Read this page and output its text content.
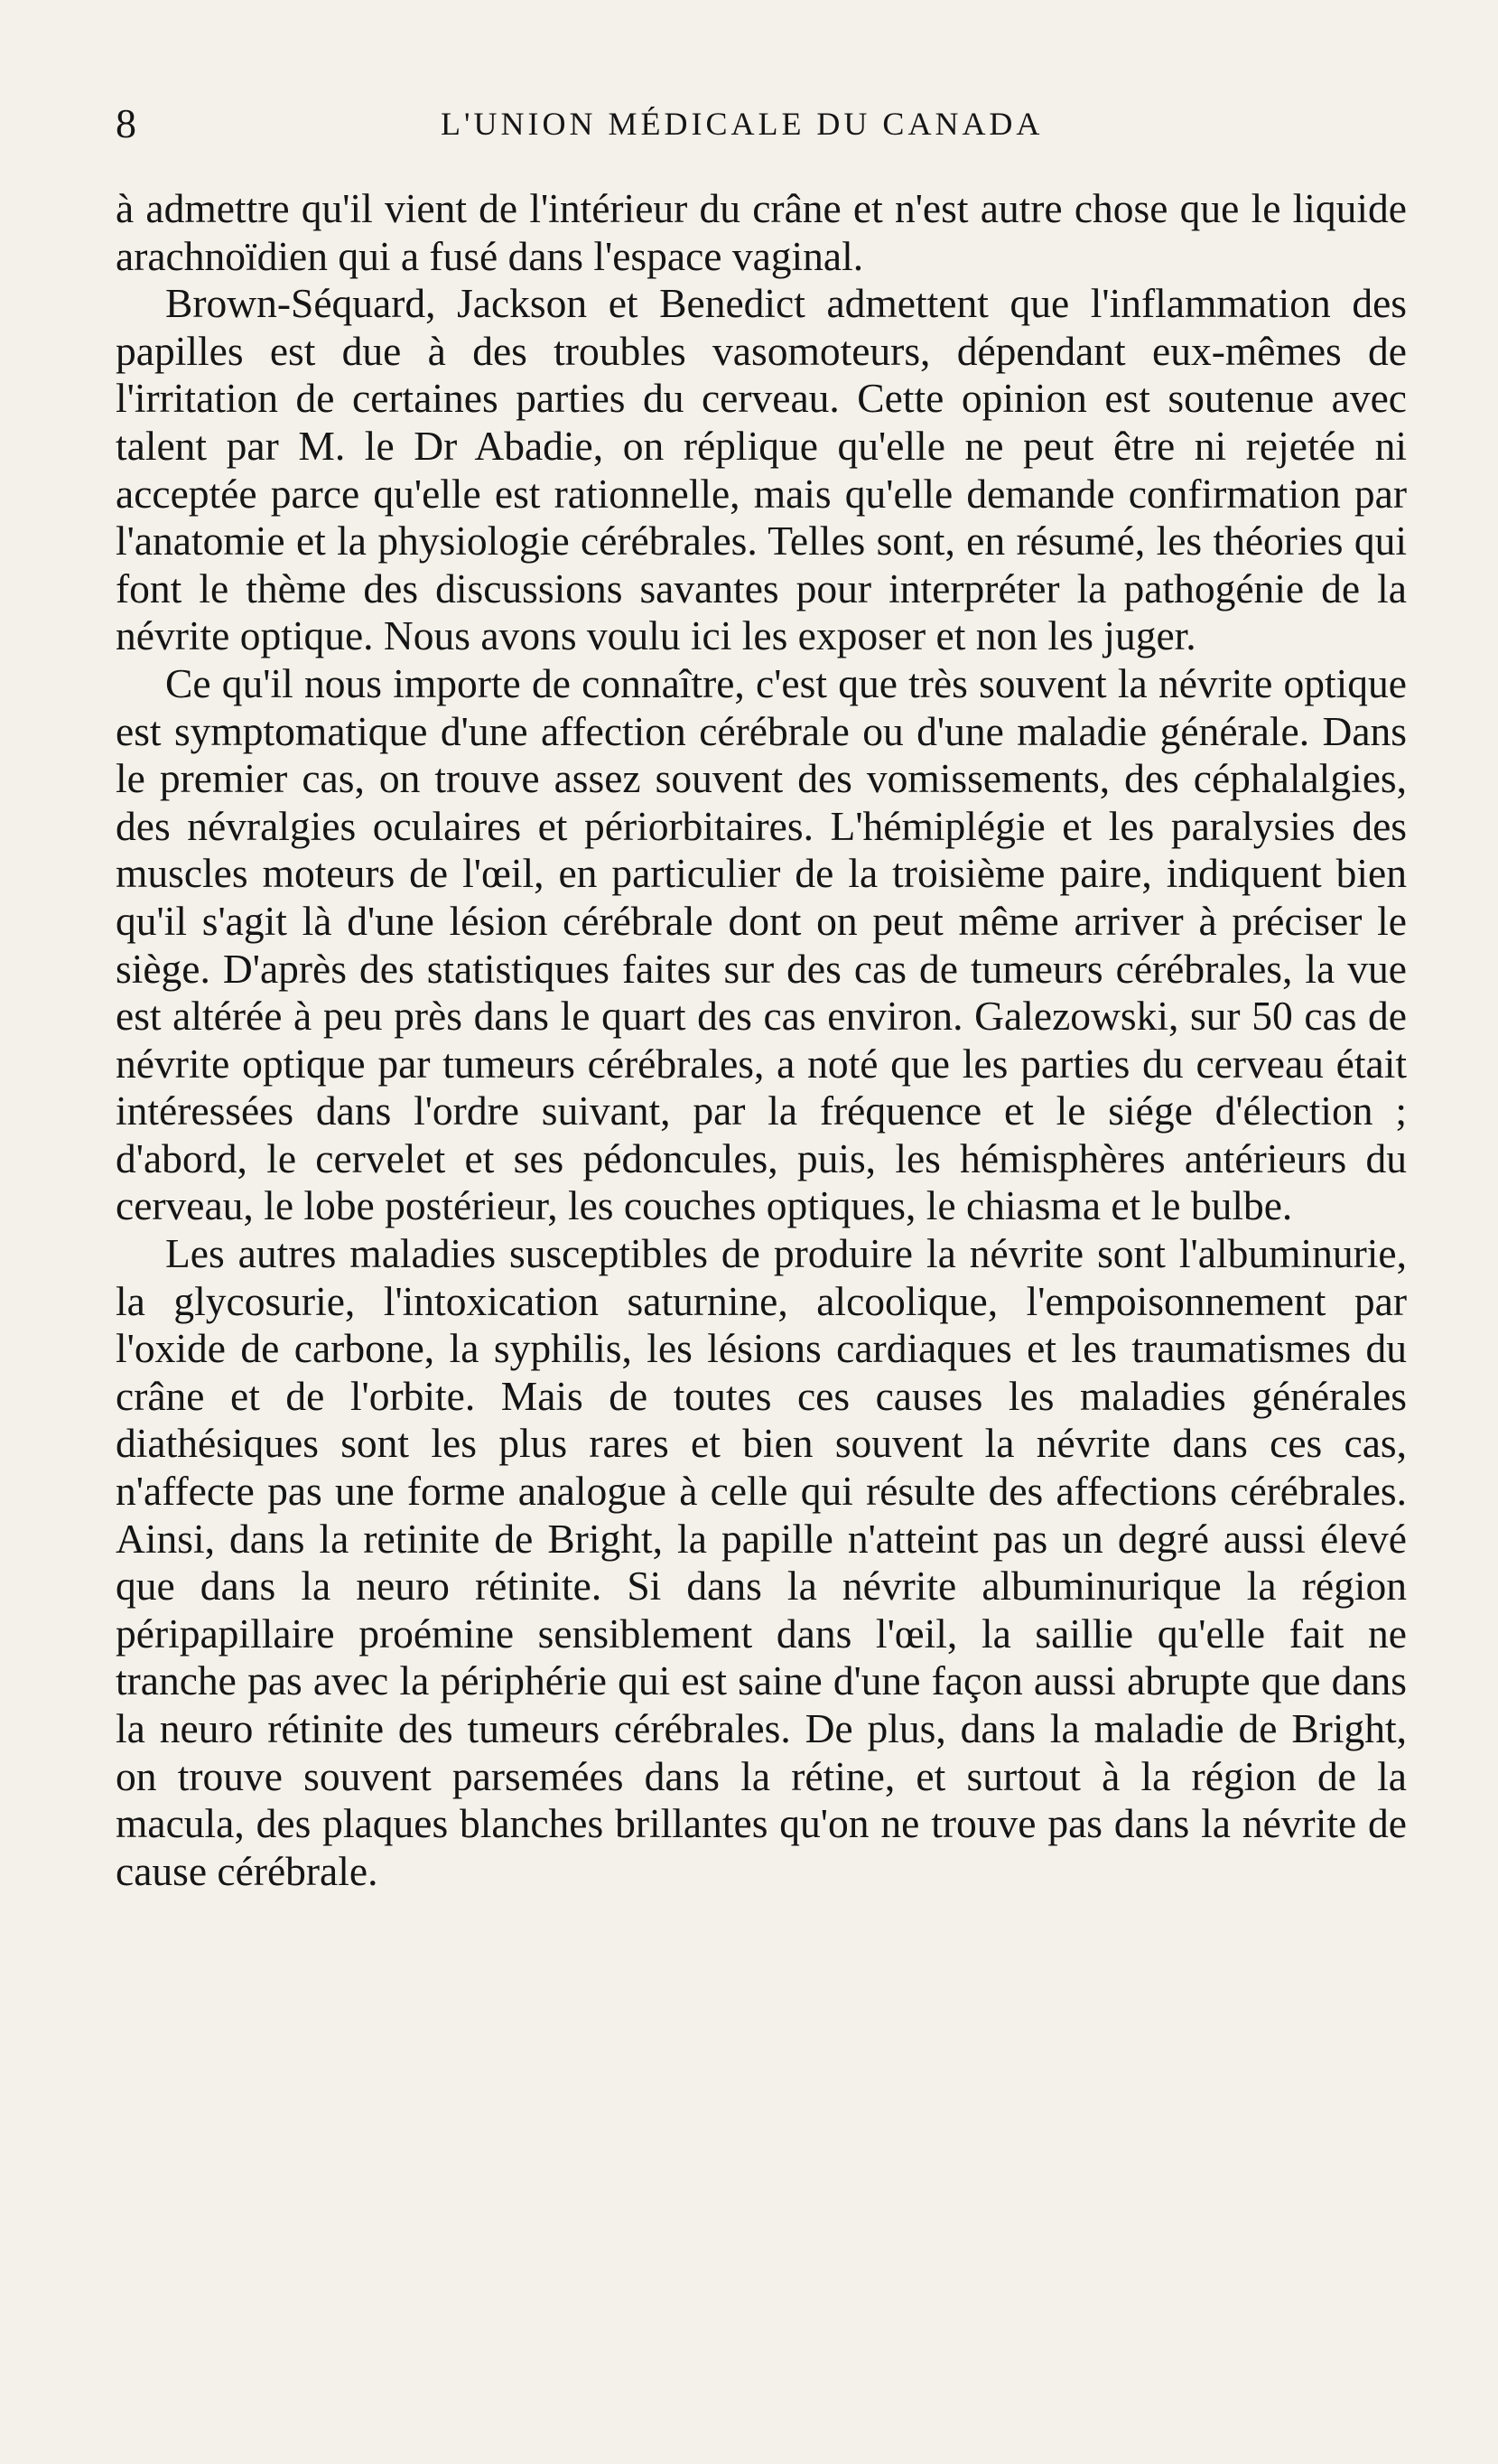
8	L'UNION MÉDICALE DU CANADA

à admettre qu'il vient de l'intérieur du crâne et n'est autre chose que le liquide arachnoïdien qui a fusé dans l'espace vaginal.

Brown-Séquard, Jackson et Benedict admettent que l'inflammation des papilles est due à des troubles vasomoteurs, dépendant eux-mêmes de l'irritation de certaines parties du cerveau. Cette opinion est soutenue avec talent par M. le Dr Abadie, on réplique qu'elle ne peut être ni rejetée ni acceptée parce qu'elle est rationnelle, mais qu'elle demande confirmation par l'anatomie et la physiologie cérébrales. Telles sont, en résumé, les théories qui font le thème des discussions savantes pour interpréter la pathogénie de la névrite optique. Nous avons voulu ici les exposer et non les juger.

Ce qu'il nous importe de connaître, c'est que très souvent la névrite optique est symptomatique d'une affection cérébrale ou d'une maladie générale. Dans le premier cas, on trouve assez souvent des vomissements, des céphalalgies, des névralgies oculaires et périorbitaires. L'hémiplégie et les paralysies des muscles moteurs de l'œil, en particulier de la troisième paire, indiquent bien qu'il s'agit là d'une lésion cérébrale dont on peut même arriver à préciser le siège. D'après des statistiques faites sur des cas de tumeurs cérébrales, la vue est altérée à peu près dans le quart des cas environ. Galezowski, sur 50 cas de névrite optique par tumeurs cérébrales, a noté que les parties du cerveau était intéressées dans l'ordre suivant, par la fréquence et le siége d'élection ; d'abord, le cervelet et ses pédoncules, puis, les hémisphères antérieurs du cerveau, le lobe postérieur, les couches optiques, le chiasma et le bulbe.

Les autres maladies susceptibles de produire la névrite sont l'albuminurie, la glycosurie, l'intoxication saturnine, alcoolique, l'empoisonnement par l'oxide de carbone, la syphilis, les lésions cardiaques et les traumatismes du crâne et de l'orbite. Mais de toutes ces causes les maladies générales diathésiques sont les plus rares et bien souvent la névrite dans ces cas, n'affecte pas une forme analogue à celle qui résulte des affections cérébrales. Ainsi, dans la retinite de Bright, la papille n'atteint pas un degré aussi élevé que dans la neuro rétinite. Si dans la névrite albuminurique la région péripapillaire proémine sensiblement dans l'œil, la saillie qu'elle fait ne tranche pas avec la périphérie qui est saine d'une façon aussi abrupte que dans la neuro rétinite des tumeurs cérébrales. De plus, dans la maladie de Bright, on trouve souvent parsemées dans la rétine, et surtout à la région de la macula, des plaques blanches brillantes qu'on ne trouve pas dans la névrite de cause cérébrale.
